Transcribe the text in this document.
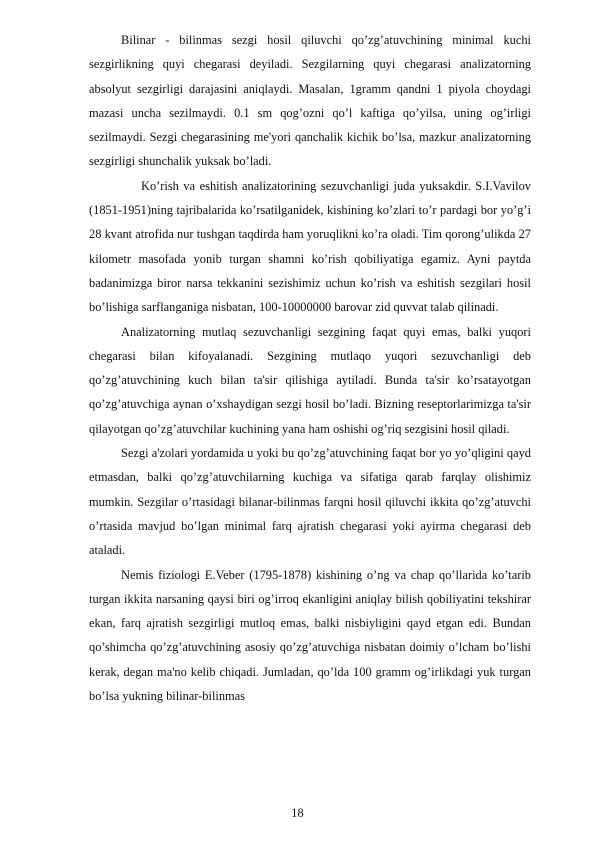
Bilinar - bilinmas sezgi hosil qiluvchi qo’zg’atuvchining minimal kuchi sezgirlikning quyi chegarasi deyiladi. Sezgilarning quyi chegarasi analizatorning absolyut sezgirligi darajasini aniqlaydi. Masalan, 1gramm qandni 1 piyola choydagi mazasi uncha sezilmaydi. 0.1 sm qog’ozni qo’l kaftiga qo’yilsa, uning og’irligi sezilmaydi. Sezgi chegarasining me'yori qanchalik kichik bo’lsa, mazkur analizatorning sezgirligi shunchalik yuksak bo’ladi.

Ko’rish va eshitish analizatorining sezuvchanligi juda yuksakdir. S.I.Vavilov (1851-1951)ning tajribalarida ko’rsatilganidek, kishining ko’zlari to’r pardagi bor yo’g’i 28 kvant atrofida nur tushgan taqdirda ham yoruqlikni ko’ra oladi. Tim qorong’ulikda 27 kilometr masofada yonib turgan shamni ko’rish qobiliyatiga egamiz. Ayni paytda badanimizga biror narsa tekkanini sezishimiz uchun ko’rish va eshitish sezgilari hosil bo’lishiga sarflanganiga nisbatan, 100-10000000 barovar zid quvvat talab qilinadi.

Analizatorning mutlaq sezuvchanligi sezgining faqat quyi emas, balki yuqori chegarasi bilan kifoyalanadi. Sezgining mutlaqo yuqori sezuvchanligi deb qo’zg’atuvchining kuch bilan ta'sir qilishiga aytiladi. Bunda ta'sir ko’rsatayotgan qo’zg’atuvchiga aynan o’xshaydigan sezgi hosil bo’ladi. Bizning reseptorlarimizga ta'sir qilayotgan qo’zg’atuvchilar kuchining yana ham oshishi og’riq sezgisini hosil qiladi.

Sezgi a'zolari yordamida u yoki bu qo’zg’atuvchining faqat bor yo yo’qligini qayd etmasdan, balki qo’zg’atuvchilarning kuchiga va sifatiga qarab farqlay olishimiz mumkin. Sezgilar o’rtasidagi bilanar-bilinmas farqni hosil qiluvchi ikkita qo’zg’atuvchi o’rtasida mavjud bo’lgan minimal farq ajratish chegarasi yoki ayirma chegarasi deb ataladi.

Nemis fiziologi E.Veber (1795-1878) kishining o’ng va chap qo’llarida ko’tarib turgan ikkita narsaning qaysi biri og’irroq ekanligini aniqlay bilish qobiliyatini tekshirar ekan, farq ajratish sezgirligi mutloq emas, balki nisbiyligini qayd etgan edi. Bundan qo’shimcha qo’zg’atuvchining asosiy qo’zg’atuvchiga nisbatan doimiy o’lcham bo’lishi kerak, degan ma'no kelib chiqadi. Jumladan, qo’lda 100 gramm og’irlikdagi yuk turgan bo’lsa yukning bilinar-bilinmas

18
